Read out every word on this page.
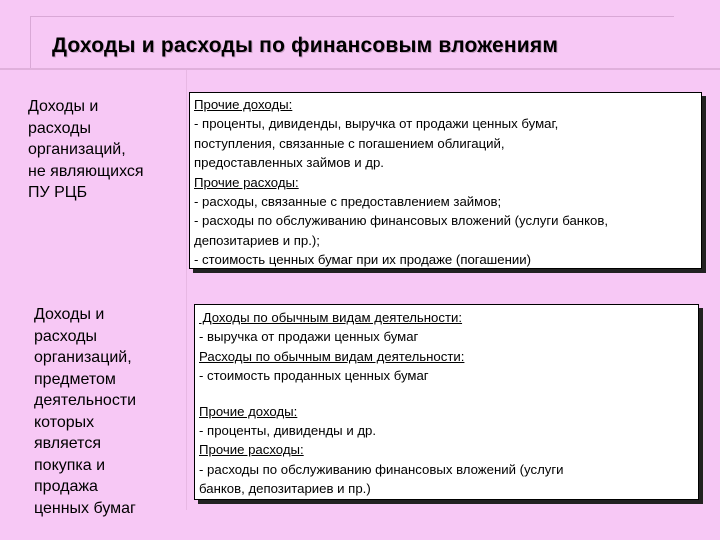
Доходы и расходы по финансовым вложениям
Доходы и
расходы
организаций,
не являющихся
ПУ РЦБ
Прочие доходы:
- проценты, дивиденды, выручка от продажи ценных бумаг,
поступления, связанные с погашением облигаций,
предоставленных займов и др.
Прочие расходы:
- расходы, связанные с предоставлением займов;
- расходы по обслуживанию финансовых вложений (услуги банков,
депозитариев и пр.);
- стоимость ценных бумаг при их продаже (погашении)
Доходы и
расходы
организаций,
предметом
деятельности
которых
является
покупка и
продажа
ценных бумаг
Доходы по обычным видам деятельности:
- выручка от продажи ценных бумаг
Расходы по обычным видам деятельности:
- стоимость проданных ценных бумаг
Прочие доходы:
- проценты, дивиденды и др.
Прочие расходы:
- расходы по обслуживанию финансовых вложений (услуги
банков, депозитариев и пр.)
